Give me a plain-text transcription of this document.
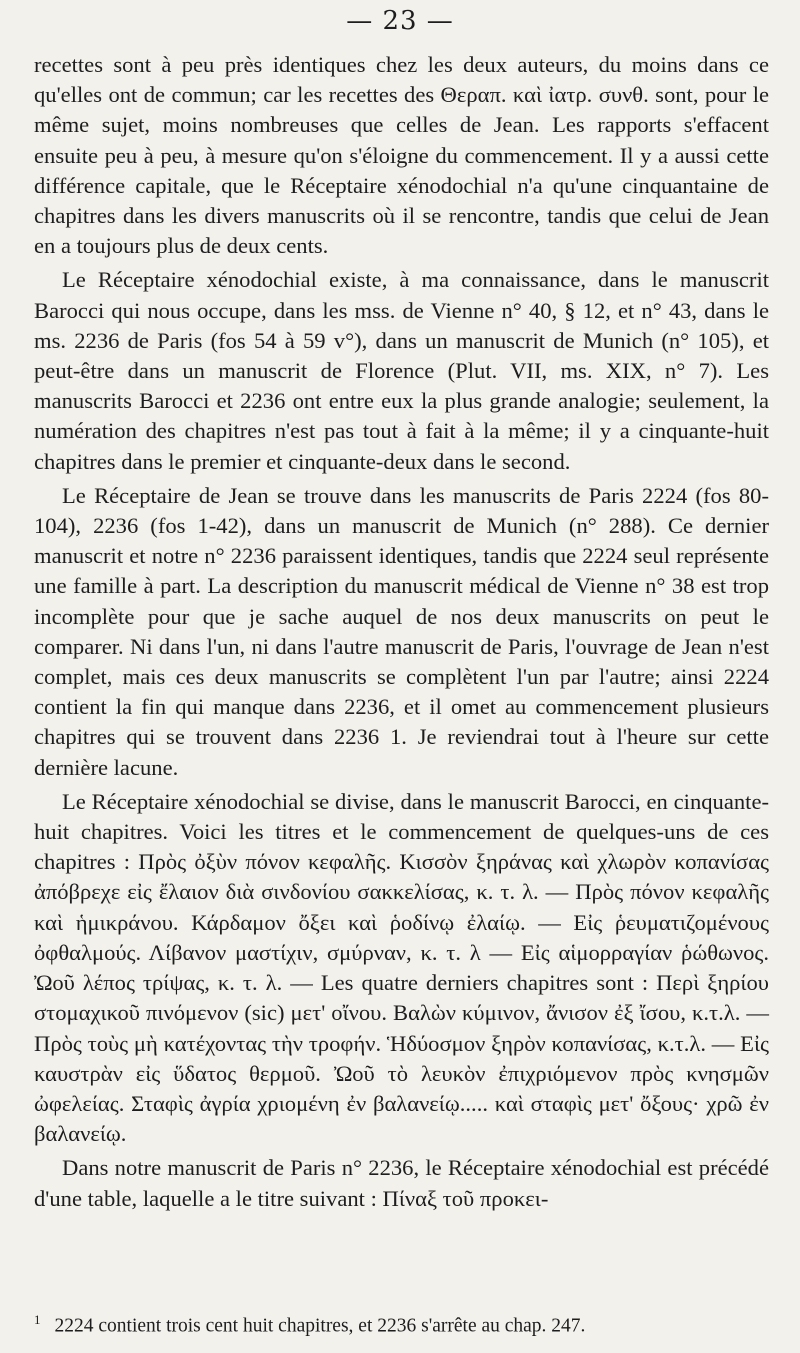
— 23 —

recettes sont à peu près identiques chez les deux auteurs, du moins dans ce qu'elles ont de commun; car les recettes des Θεραπ. καὶ ἰατρ. συνθ. sont, pour le même sujet, moins nombreuses que celles de Jean. Les rapports s'effacent ensuite peu à peu, à mesure qu'on s'éloigne du commencement. Il y a aussi cette différence capitale, que le Réceptaire xénodochial n'a qu'une cinquantaine de chapitres dans les divers manuscrits où il se rencontre, tandis que celui de Jean en a toujours plus de deux cents.

Le Réceptaire xénodochial existe, à ma connaissance, dans le manuscrit Barocci qui nous occupe, dans les mss. de Vienne n° 40, § 12, et n° 43, dans le ms. 2236 de Paris (fos 54 à 59 v°), dans un manuscrit de Munich (n° 105), et peut-être dans un manuscrit de Florence (Plut. VII, ms. XIX, n° 7). Les manuscrits Barocci et 2236 ont entre eux la plus grande analogie; seulement, la numération des chapitres n'est pas tout à fait à la même; il y a cinquante-huit chapitres dans le premier et cinquante-deux dans le second.

Le Réceptaire de Jean se trouve dans les manuscrits de Paris 2224 (fos 80-104), 2236 (fos 1-42), dans un manuscrit de Munich (n° 288). Ce dernier manuscrit et notre n° 2236 paraissent identiques, tandis que 2224 seul représente une famille à part. La description du manuscrit médical de Vienne n° 38 est trop incomplète pour que je sache auquel de nos deux manuscrits on peut le comparer. Ni dans l'un, ni dans l'autre manuscrit de Paris, l'ouvrage de Jean n'est complet, mais ces deux manuscrits se complètent l'un par l'autre; ainsi 2224 contient la fin qui manque dans 2236, et il omet au commencement plusieurs chapitres qui se trouvent dans 2236 1. Je reviendrai tout à l'heure sur cette dernière lacune.

Le Réceptaire xénodochial se divise, dans le manuscrit Barocci, en cinquante-huit chapitres. Voici les titres et le commencement de quelques-uns de ces chapitres : Πρὸς ὀξὺν πόνον κεφαλῆς. Κισσὸν ξηράνας καὶ χλωρὸν κοπανίσας ἀπόβρεχε εἰς ἔλαιον διὰ σινδονίου σακκελίσας, κ. τ. λ. — Πρὸς πόνον κεφαλῆς καὶ ἡμικράνου. Κάρδαμον ὄξει καὶ ῥοδίνῳ ἐλαίῳ. — Εἰς ῥευματιζομένους ὀφθαλμούς. Λίβανον μαστίχιν, σμύρναν, κ. τ. λ — Εἰς αἱμορραγίαν ῥώθωνος. Ὠοῦ λέπος τρίψας, κ. τ. λ. — Les quatre derniers chapitres sont : Περὶ ξηρίου στομαχικοῦ πινόμενον (sic) μετ' οἴνου. Βαλὼν κύμινον, ἄνισον ἐξ ἴσου, κ.τ.λ. — Πρὸς τοὺς μὴ κατέχοντας τὴν τροφήν. Ἡδύοσμον ξηρὸν κοπανίσας, κ.τ.λ. — Εἰς καυστρὰν εἰς ὕδατος θερμοῦ. Ὠοῦ τὸ λευκὸν ἐπιχριόμενον πρὸς κνησμῶν ὠφελείας. Σταφὶς ἀγρία χριομένη ἐν βαλανείῳ..... καὶ σταφὶς μετ' ὄξους· χρῶ ἐν βαλανείῳ.

Dans notre manuscrit de Paris n° 2236, le Réceptaire xénodochial est précédé d'une table, laquelle a le titre suivant : Πίναξ τοῦ προκει-

$^1$ 2224 contient trois cent huit chapitres, et 2236 s'arrête au chap. 247.
